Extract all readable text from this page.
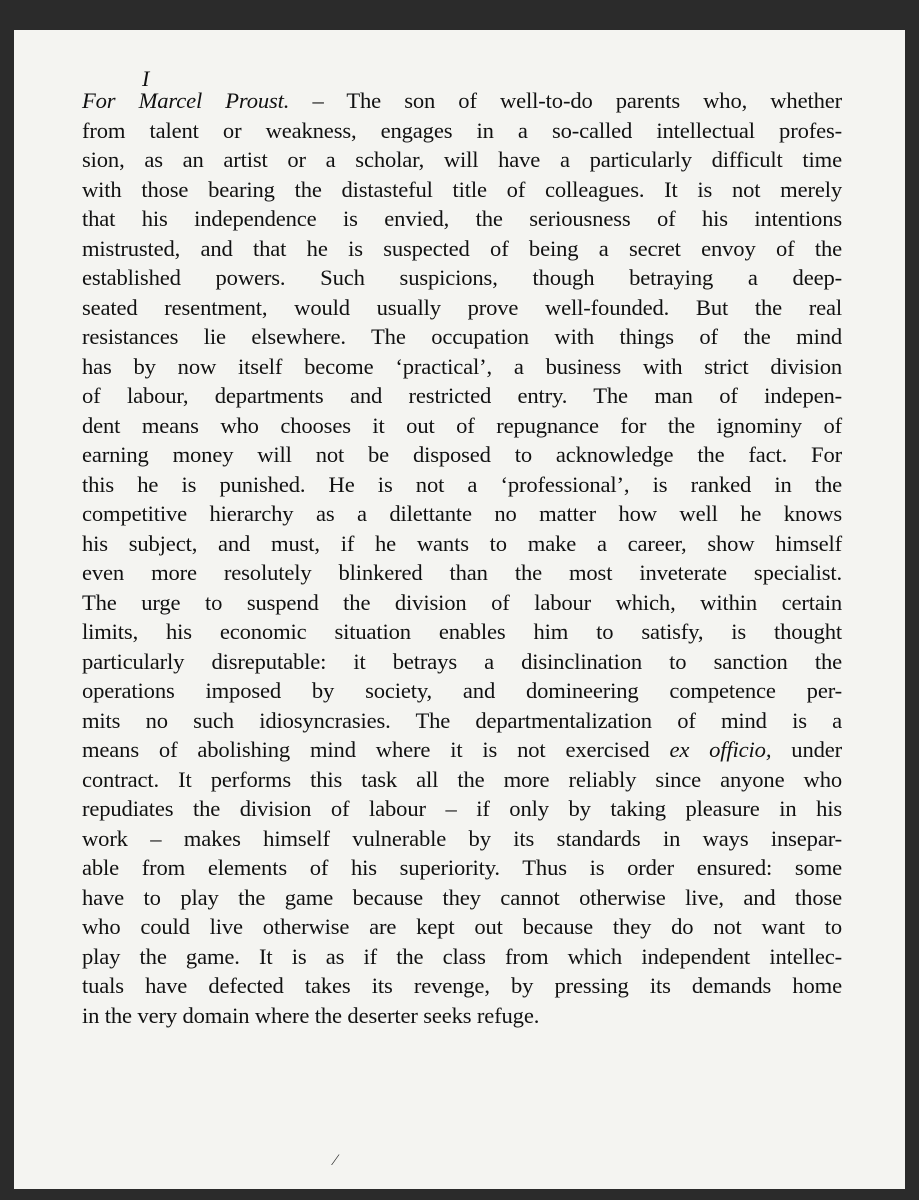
I
For Marcel Proust. – The son of well-to-do parents who, whether
from talent or weakness, engages in a so-called intellectual profes-
sion, as an artist or a scholar, will have a particularly difficult time
with those bearing the distasteful title of colleagues. It is not merely
that his independence is envied, the seriousness of his intentions
mistrusted, and that he is suspected of being a secret envoy of the
established powers. Such suspicions, though betraying a deep-
seated resentment, would usually prove well-founded. But the real
resistances lie elsewhere. The occupation with things of the mind
has by now itself become ‘practical’, a business with strict division
of labour, departments and restricted entry. The man of indepen-
dent means who chooses it out of repugnance for the ignominy of
earning money will not be disposed to acknowledge the fact. For
this he is punished. He is not a ‘professional’, is ranked in the
competitive hierarchy as a dilettante no matter how well he knows
his subject, and must, if he wants to make a career, show himself
even more resolutely blinkered than the most inveterate specialist.
The urge to suspend the division of labour which, within certain
limits, his economic situation enables him to satisfy, is thought
particularly disreputable: it betrays a disinclination to sanction the
operations imposed by society, and domineering competence per-
mits no such idiosyncrasies. The departmentalization of mind is a
means of abolishing mind where it is not exercised ex officio, under
contract. It performs this task all the more reliably since anyone who
repudiates the division of labour – if only by taking pleasure in his
work – makes himself vulnerable by its standards in ways insepar-
able from elements of his superiority. Thus is order ensured: some
have to play the game because they cannot otherwise live, and those
who could live otherwise are kept out because they do not want to
play the game. It is as if the class from which independent intellec-
tuals have defected takes its revenge, by pressing its demands home
in the very domain where the deserter seeks refuge.
⁄
